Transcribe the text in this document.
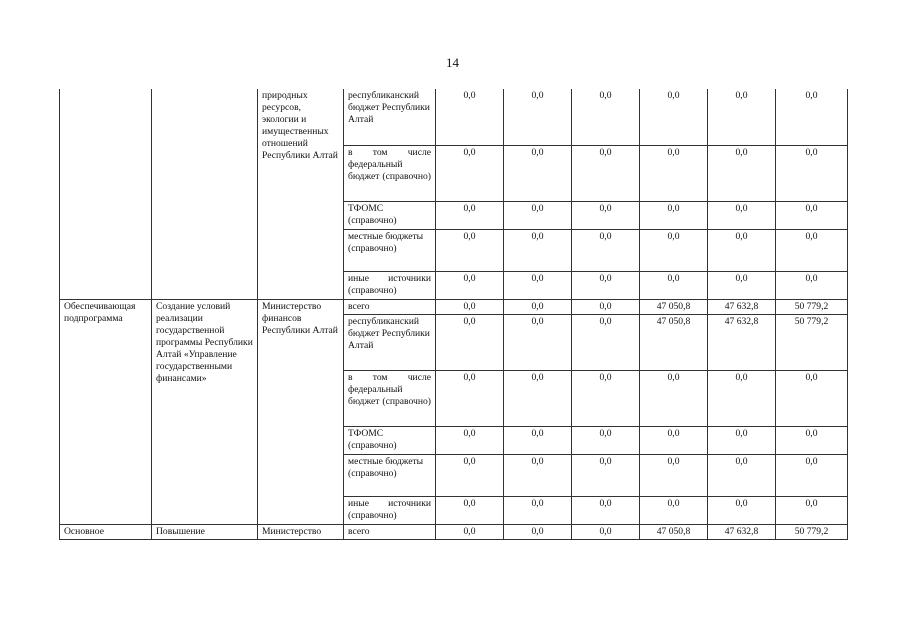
14
		природных ресурсов, экологии и имущественных отношений Республики Алтай	республиканский бюджет Республики Алтай	0,0	0,0	0,0	0,0	0,0	0,0
			в том числе федеральный бюджет (справочно)	0,0	0,0	0,0	0,0	0,0	0,0
			ТФОМС (справочно)	0,0	0,0	0,0	0,0	0,0	0,0
			местные бюджеты (справочно)	0,0	0,0	0,0	0,0	0,0	0,0
			иные источники (справочно)	0,0	0,0	0,0	0,0	0,0	0,0
Обеспечивающая подпрограмма	Создание условий реализации государственной программы Республики Алтай «Управление государственными финансами»	Министерство финансов Республики Алтай	всего	0,0	0,0	0,0	47 050,8	47 632,8	50 779,2
			республиканский бюджет Республики Алтай	0,0	0,0	0,0	47 050,8	47 632,8	50 779,2
			в том числе федеральный бюджет (справочно)	0,0	0,0	0,0	0,0	0,0	0,0
			ТФОМС (справочно)	0,0	0,0	0,0	0,0	0,0	0,0
			местные бюджеты (справочно)	0,0	0,0	0,0	0,0	0,0	0,0
			иные источники (справочно)	0,0	0,0	0,0	0,0	0,0	0,0
Основное	Повышение	Министерство	всего	0,0	0,0	0,0	47 050,8	47 632,8	50 779,2
